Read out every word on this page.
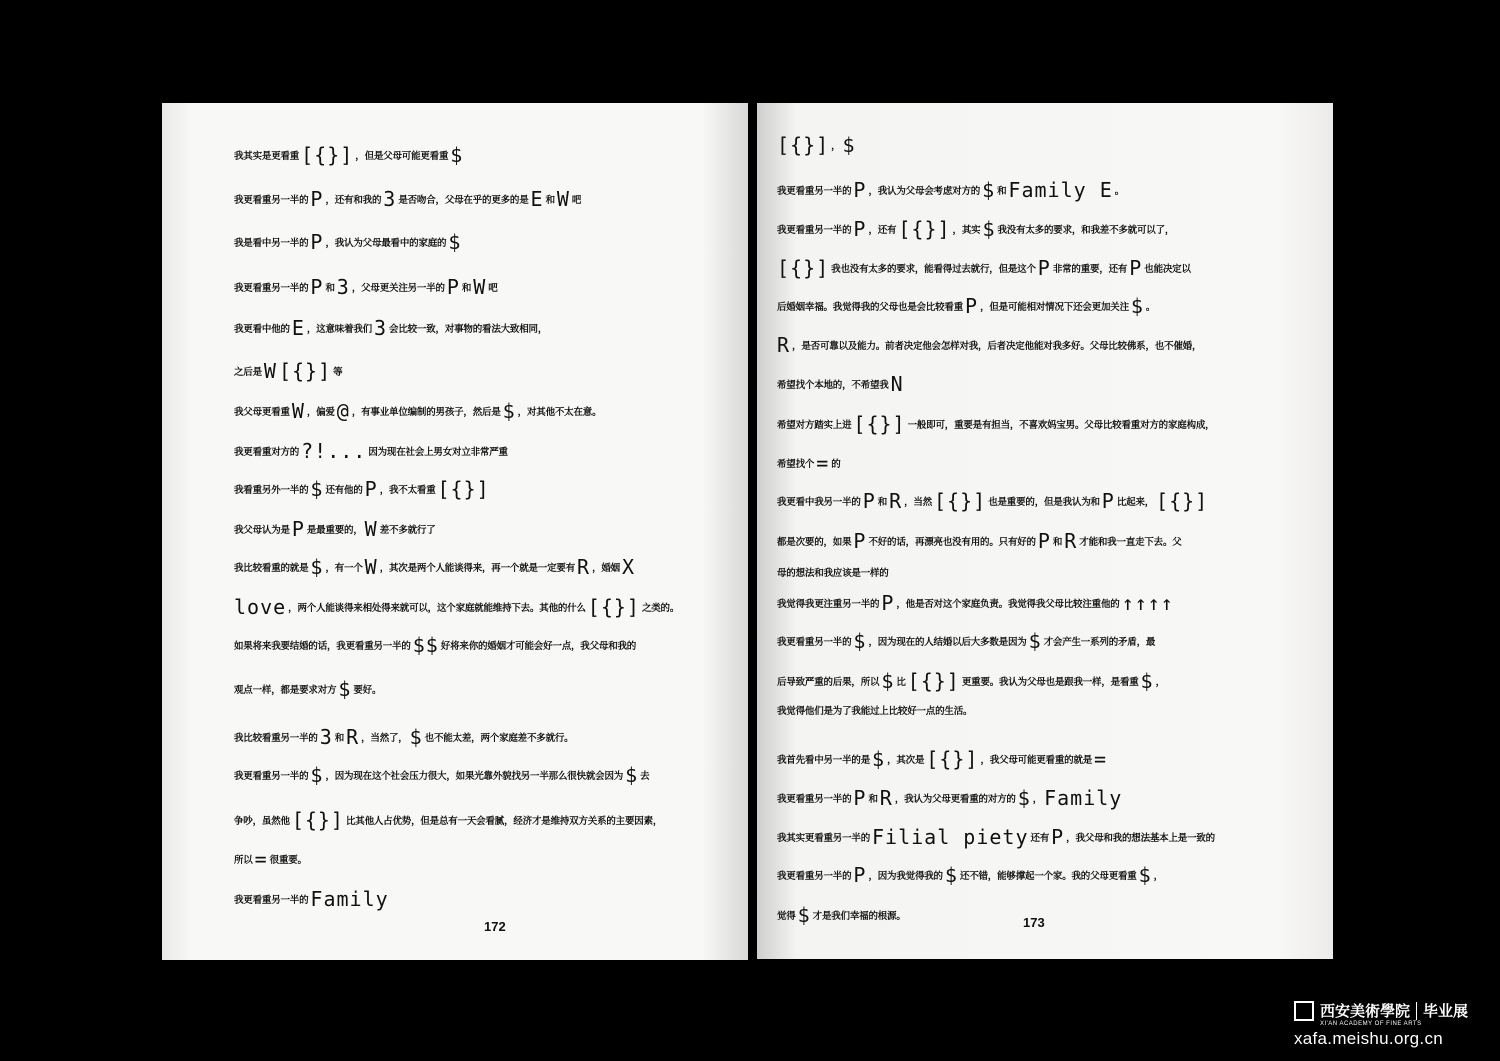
我其实是更看重 [{}] ，但是父母可能更看重 $
我更看重另一半的 P ，还有和我的 3 是否吻合，父母在乎的更多的是 E 和 W 吧
我是看中另一半的 P ，我认为父母最看中的家庭的 $
我更看重另一半的 P 和 3 ，父母更关注另一半的 P 和 W 吧
我更看中他的 E ，这意味着我们 3 会比较一致，对事物的看法大致相同，
之后是 W [{}] 等
我父母更看重 W ，偏爱 @ ，有事业单位编制的男孩子，然后是 $ ，对其他不太在意。
我更看重对方的 ?!... 因为现在社会上男女对立非常严重
我看重另外一半的 $ 还有他的 P ，我不太看重 [{}]
我父母认为是 P 是最重要的， W 差不多就行了
我比较看重的就是 $ ，有一个 W ，其次是两个人能谈得来，再一个就是一定要有 R ，婚姻 X
love ，两个人能谈得来相处得来就可以，这个家庭就能维持下去。其他的什么 [{}] 之类的。
如果将来我要结婚的话，我更看重另一半的 $$ 好将来你的婚姻才可能会好一点，我父母和我的
观点一样，都是要求对方 $ 要好。
我比较看重另一半的 3 和 R ，当然了， $ 也不能太差，两个家庭差不多就行。
我更看重另一半的 $ ，因为现在这个社会压力很大，如果光靠外貌找另一半那么很快就会因为 $ 去
争吵，虽然他 [{}] 比其他人占优势，但是总有一天会看腻，经济才是维持双方关系的主要因素，
所以 = 很重要。
我更看重另一半的 Family
172
[{}] ， $
我更看重另一半的 P ，我认为父母会考虑对方的 $ 和 Family E 。
我更看重另一半的 P ，还有 [{}] ，其实 $ 我没有太多的要求，和我差不多就可以了，
[{}] 我也没有太多的要求，能看得过去就行，但是这个 P 非常的重要，还有 P 也能决定以
后婚姻幸福。我觉得我的父母也是会比较看重 P ，但是可能相对情况下还会更加关注 $ 。
R ，是否可靠以及能力。前者决定他会怎样对我，后者决定他能对我多好。父母比较佛系，也不催婚，
希望找个本地的，不希望我 N
希望对方踏实上进 [{}] 一般即可，重要是有担当，不喜欢妈宝男。父母比较看重对方的家庭构成，
希望找个 = 的
我更看中我另一半的 P 和 R ，当然 [{}] 也是重要的，但是我认为和 P 比起来， [{}]
都是次要的，如果 P 不好的话，再漂亮也没有用的。只有好的 P 和 R 才能和我一直走下去。父
母的想法和我应该是一样的
我觉得我更注重另一半的 P ，他是否对这个家庭负责。我觉得我父母比较注重他的 ↑↑↑↑
我更看重另一半的 $ ，因为现在的人结婚以后大多数是因为 $ 才会产生一系列的矛盾，最
后导致严重的后果，所以 $ 比 [{}] 更重要。我认为父母也是跟我一样，是看重 $ ，
我觉得他们是为了我能过上比较好一点的生活。
我首先看中另一半的是 $ ，其次是 [{}] ，我父母可能更看重的就是 =
我更看重另一半的 P 和 R ，我认为父母更看重的对方的 $ ， Family
我其实更看重另一半的 Filial piety 还有 P ，我父母和我的想法基本上是一致的
我更看重另一半的 P ，因为我觉得我的 $ 还不错，能够撑起一个家。我的父母更看重 $ ，
觉得 $ 才是我们幸福的根源。	173
西安美術學院 毕业展
XI'AN ACADEMY OF FINE ARTS
xafa.meishu.org.cn
